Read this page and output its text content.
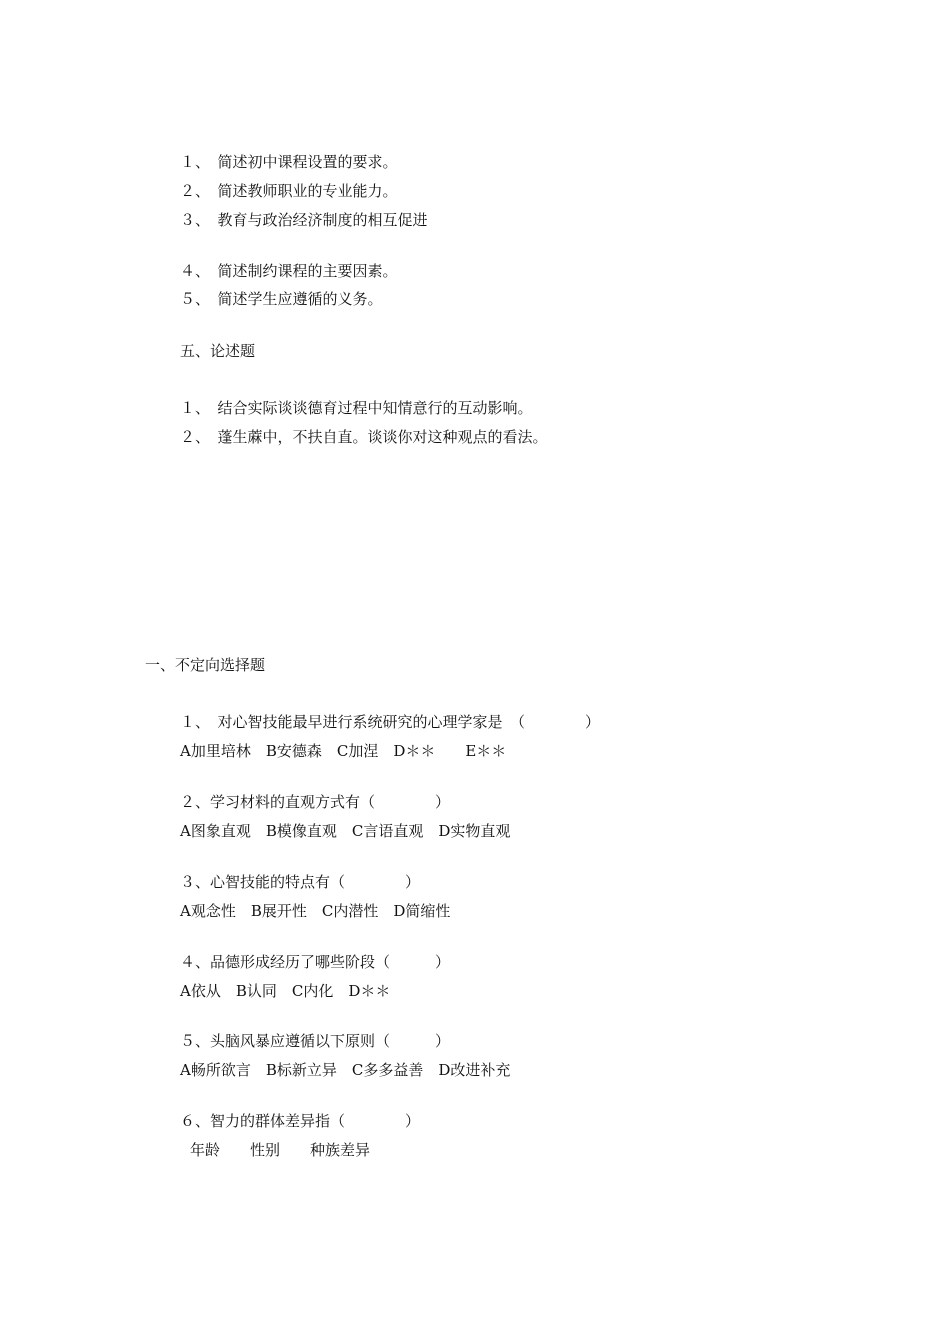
１、　简述初中课程设置的要求。
２、　简述教师职业的专业能力。
３、　教育与政治经济制度的相互促进
４、　简述制约课程的主要因素。
５、　简述学生应遵循的义务。
五、论述题
１、　结合实际谈谈德育过程中知情意行的互动影响。
２、　蓬生蔴中，不扶自直。谈谈你对这种观点的看法。
一、不定向选择题
１、　对心智技能最早进行系统研究的心理学家是　（　　　　）
A加里培林　B安德森　C加涅　D＊＊　　E＊＊
２、学习材料的直观方式有（　　　　）
A图象直观　B模像直观　C言语直观　D实物直观
３、心智技能的特点有（　　　　）
A观念性　B展开性　C内潜性　D简缩性
４、品德形成经历了哪些阶段（　　　）
A依从　B认同　C内化　D＊＊
５、头脑风暴应遵循以下原则（　　　）
A畅所欲言　B标新立异　C多多益善　D改进补充
６、智力的群体差异指（　　　　）
年龄　　性别　　种族差异
